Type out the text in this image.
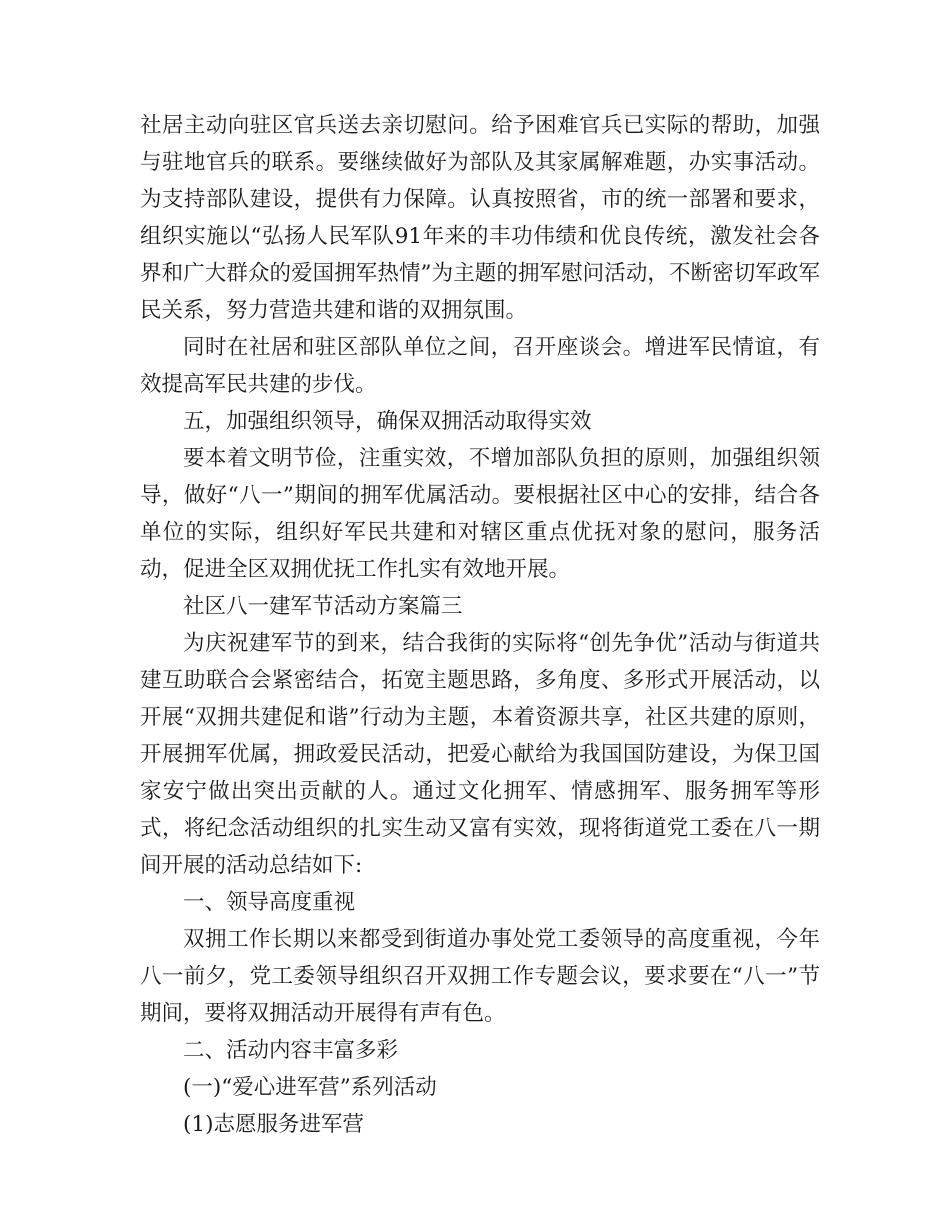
社居主动向驻区官兵送去亲切慰问。给予困难官兵已实际的帮助，加强与驻地官兵的联系。要继续做好为部队及其家属解难题，办实事活动。为支持部队建设，提供有力保障。认真按照省，市的统一部署和要求，组织实施以“弘扬人民军队91年来的丰功伟绩和优良传统，激发社会各界和广大群众的爱国拥军热情”为主题的拥军慰问活动，不断密切军政军民关系，努力营造共建和谐的双拥氛围。

同时在社居和驻区部队单位之间，召开座谈会。增进军民情谊，有效提高军民共建的步伐。

五，加强组织领导，确保双拥活动取得实效

要本着文明节俭，注重实效，不增加部队负担的原则，加强组织领导，做好“八一”期间的拥军优属活动。要根据社区中心的安排，结合各单位的实际，组织好军民共建和对辖区重点优抚对象的慰问，服务活动，促进全区双拥优抚工作扎实有效地开展。

社区八一建军节活动方案篇三

为庆祝建军节的到来，结合我街的实际将“创先争优”活动与街道共建互助联合会紧密结合，拓宽主题思路，多角度、多形式开展活动，以开展“双拥共建促和谐”行动为主题，本着资源共享，社区共建的原则，开展拥军优属，拥政爱民活动，把爱心献给为我国国防建设，为保卫国家安宁做出突出贡献的人。通过文化拥军、情感拥军、服务拥军等形式，将纪念活动组织的扎实生动又富有实效，现将街道党工委在八一期间开展的活动总结如下:

一、领导高度重视

双拥工作长期以来都受到街道办事处党工委领导的高度重视，今年八一前夕，党工委领导组织召开双拥工作专题会议，要求要在“八一”节期间，要将双拥活动开展得有声有色。

二、活动内容丰富多彩

(一)“爱心进军营”系列活动

(1)志愿服务进军营
